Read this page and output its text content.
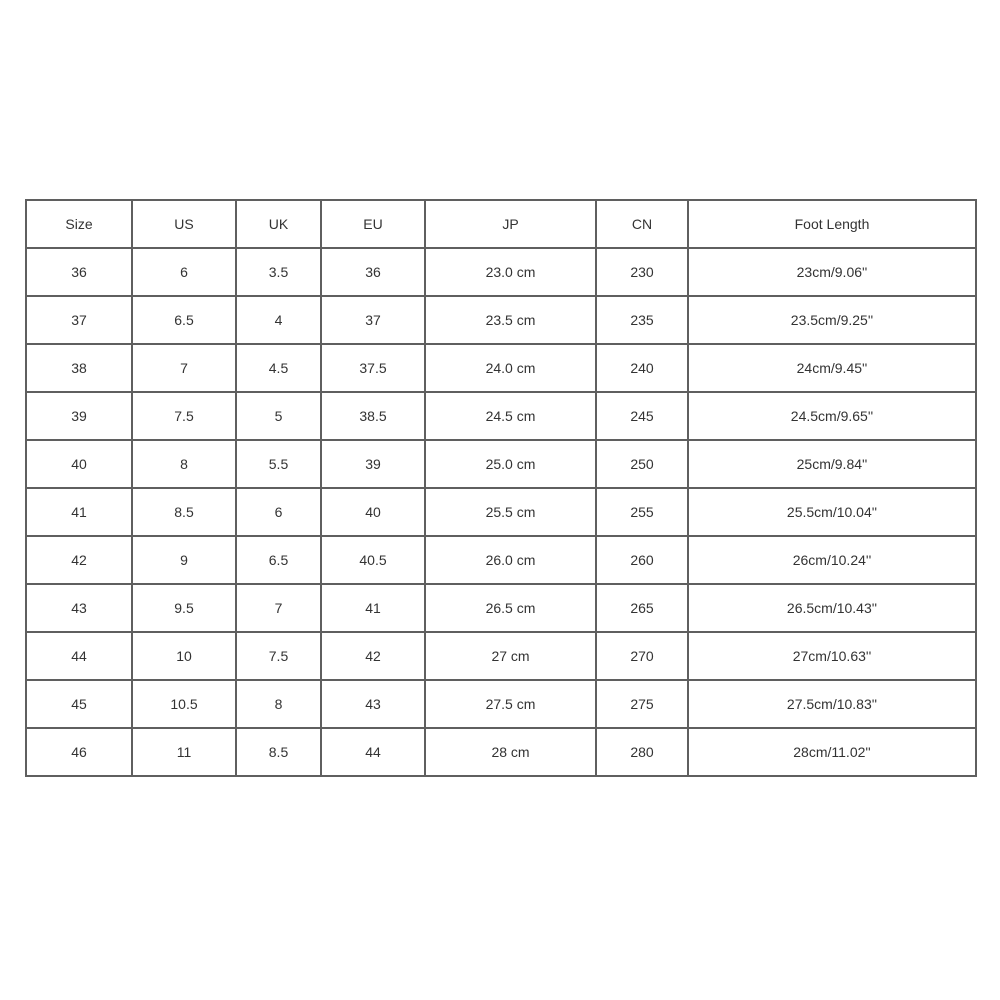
Size	US	UK	EU	JP	CN	Foot Length
36	6	3.5	36	23.0 cm	230	23cm/9.06''
37	6.5	4	37	23.5 cm	235	23.5cm/9.25''
38	7	4.5	37.5	24.0 cm	240	24cm/9.45''
39	7.5	5	38.5	24.5 cm	245	24.5cm/9.65''
40	8	5.5	39	25.0 cm	250	25cm/9.84''
41	8.5	6	40	25.5 cm	255	25.5cm/10.04''
42	9	6.5	40.5	26.0 cm	260	26cm/10.24''
43	9.5	7	41	26.5 cm	265	26.5cm/10.43''
44	10	7.5	42	27 cm	270	27cm/10.63''
45	10.5	8	43	27.5 cm	275	27.5cm/10.83''
46	11	8.5	44	28 cm	280	28cm/11.02''
